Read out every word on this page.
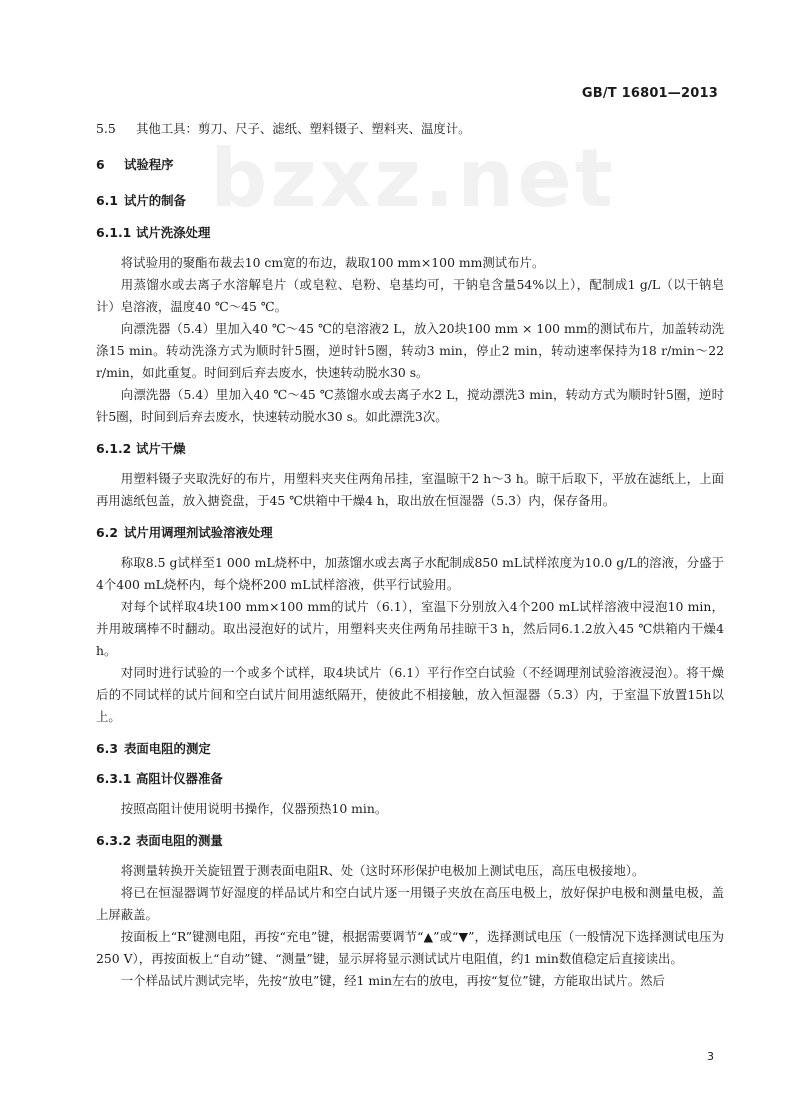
GB/T 16801—2013
bzxz.net
5.5 其他工具：剪刀、尺子、滤纸、塑料镊子、塑料夹、温度计。
6 试验程序
6.1 试片的制备
6.1.1 试片洗涤处理

将试验用的聚酯布裁去10 cm宽的布边，裁取100 mm×100 mm测试布片。

用蒸馏水或去离子水溶解皂片（或皂粒、皂粉、皂基均可，干钠皂含量54%以上），配制成1 g/L（以干钠皂计）皂溶液，温度40 ℃～45 ℃。

向漂洗器（5.4）里加入40 ℃～45 ℃的皂溶液2 L，放入20块100 mm × 100 mm的测试布片，加盖转动洗涤15 min。转动洗涤方式为顺时针5圈，逆时针5圈，转动3 min，停止2 min，转动速率保持为18 r/min～22 r/min，如此重复。时间到后弃去废水，快速转动脱水30 s。

向漂洗器（5.4）里加入40 ℃～45 ℃蒸馏水或去离子水2 L，搅动漂洗3 min，转动方式为顺时针5圈，逆时针5圈，时间到后弃去废水，快速转动脱水30 s。如此漂洗3次。

6.1.2 试片干燥

用塑料镊子夹取洗好的布片，用塑料夹夹住两角吊挂，室温晾干2 h～3 h。晾干后取下，平放在滤纸上，上面再用滤纸包盖，放入搪瓷盘，于45 ℃烘箱中干燥4 h，取出放在恒湿器（5.3）内，保存备用。

6.2 试片用调理剂试验溶液处理

称取8.5 g试样至1 000 mL烧杯中，加蒸馏水或去离子水配制成850 mL试样浓度为10.0 g/L的溶液，分盛于4个400 mL烧杯内，每个烧杯200 mL试样溶液，供平行试验用。

对每个试样取4块100 mm×100 mm的试片（6.1），室温下分别放入4个200 mL试样溶液中浸泡10 min，并用玻璃棒不时翻动。取出浸泡好的试片，用塑料夹夹住两角吊挂晾干3 h，然后同6.1.2放入45 ℃烘箱内干燥4 h。

对同时进行试验的一个或多个试样，取4块试片（6.1）平行作空白试验（不经调理剂试验溶液浸泡）。将干燥后的不同试样的试片间和空白试片间用滤纸隔开，使彼此不相接触，放入恒湿器（5.3）内，于室温下放置15h以上。

6.3 表面电阻的测定
6.3.1 高阻计仪器准备

按照高阻计使用说明书操作，仪器预热10 min。

6.3.2 表面电阻的测量

将测量转换开关旋钮置于测表面电阻R、处（这时环形保护电极加上测试电压，高压电极接地）。

将已在恒湿器调节好湿度的样品试片和空白试片逐一用镊子夹放在高压电极上，放好保护电极和测量电极，盖上屏蔽盖。

按面板上“R”键测电阻，再按“充电”键，根据需要调节“▲”或“▼”，选择测试电压（一般情况下选择测试电压为250 V），再按面板上“自动”键、“测量”键，显示屏将显示测试试片电阻值，约1 min数值稳定后直接读出。

一个样品试片测试完毕，先按“放电”键，经1 min左右的放电，再按“复位”键，方能取出试片。然后

3
